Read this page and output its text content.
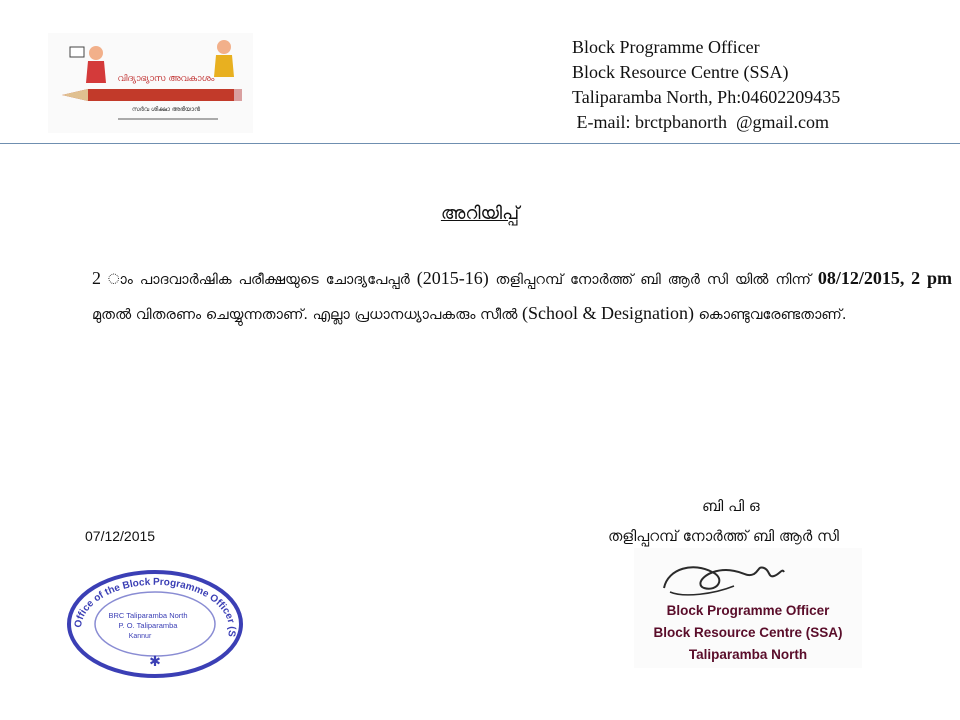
വിദ്യാഭ്യാസ അവകാശം
സർവ ശിക്ഷാ അഭിയാൻ
Block Programme Officer
Block Resource Centre (SSA)
Taliparamba North, Ph:04602209435
E-mail: brctpbanorth  @gmail.com
അറിയിപ്പ്
2 ാം പാദവാർഷിക പരീക്ഷയുടെ ചോദ്യപേപ്പർ (2015-16) തളിപ്പറമ്പ് നോർത്ത് ബി ആർ സി യിൽ നിന്ന് 08/12/2015, 2 pm മുതൽ വിതരണം ചെയ്യുന്നതാണ്. എല്ലാ പ്രധാനധ്യാപകരും സീൽ (School & Designation) കൊണ്ടുവരേണ്ടതാണ്.
ബി പി ഒ
തളിപ്പറമ്പ് നോർത്ത് ബി ആർ സി
07/12/2015
Office of the Block Programme Officer (S
BRC Taliparamba North
P. O. Taliparamba
Kannur
✱
Block Programme Officer
Block Resource Centre (SSA)
Taliparamba North
